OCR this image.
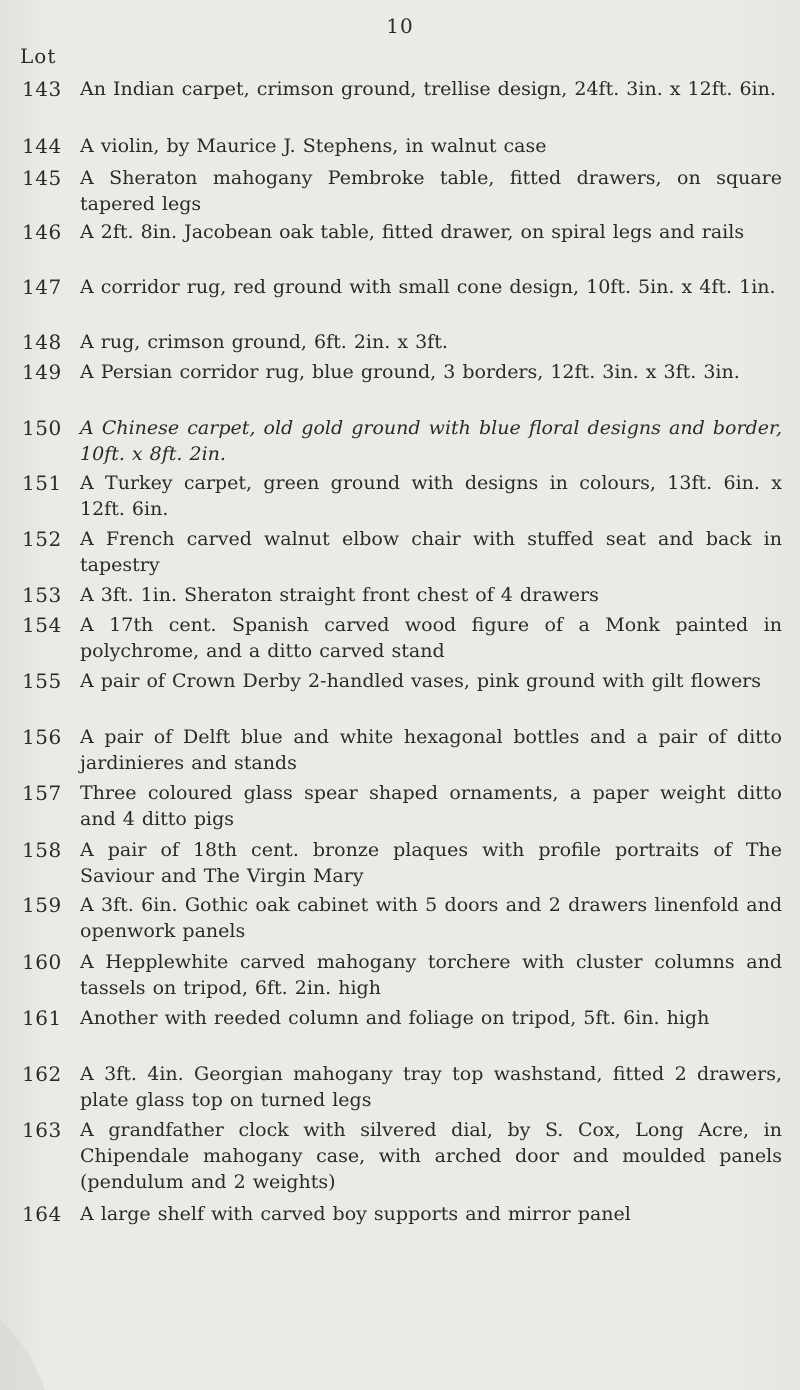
10
Lot
143 An Indian carpet, crimson ground, trellise design, 24ft. 3in. x 12ft. 6in.
144 A violin, by Maurice J. Stephens, in walnut case
145 A Sheraton mahogany Pembroke table, fitted drawers, on square tapered legs
146 A 2ft. 8in. Jacobean oak table, fitted drawer, on spiral legs and rails
147 A corridor rug, red ground with small cone design, 10ft. 5in. x 4ft. 1in.
148 A rug, crimson ground, 6ft. 2in. x 3ft.
149 A Persian corridor rug, blue ground, 3 borders, 12ft. 3in. x 3ft. 3in.
150 A Chinese carpet, old gold ground with blue floral designs and border, 10ft. x 8ft. 2in.
151 A Turkey carpet, green ground with designs in colours, 13ft. 6in. x 12ft. 6in.
152 A French carved walnut elbow chair with stuffed seat and back in tapestry
153 A 3ft. 1in. Sheraton straight front chest of 4 drawers
154 A 17th cent. Spanish carved wood figure of a Monk painted in polychrome, and a ditto carved stand
155 A pair of Crown Derby 2-handled vases, pink ground with gilt flowers
156 A pair of Delft blue and white hexagonal bottles and a pair of ditto jardinieres and stands
157 Three coloured glass spear shaped ornaments, a paper weight ditto and 4 ditto pigs
158 A pair of 18th cent. bronze plaques with profile portraits of The Saviour and The Virgin Mary
159 A 3ft. 6in. Gothic oak cabinet with 5 doors and 2 drawers linenfold and openwork panels
160 A Hepplewhite carved mahogany torchere with cluster columns and tassels on tripod, 6ft. 2in. high
161 Another with reeded column and foliage on tripod, 5ft. 6in. high
162 A 3ft. 4in. Georgian mahogany tray top washstand, fitted 2 drawers, plate glass top on turned legs
163 A grandfather clock with silvered dial, by S. Cox, Long Acre, in Chipendale mahogany case, with arched door and moulded panels (pendulum and 2 weights)
164 A large shelf with carved boy supports and mirror panel
